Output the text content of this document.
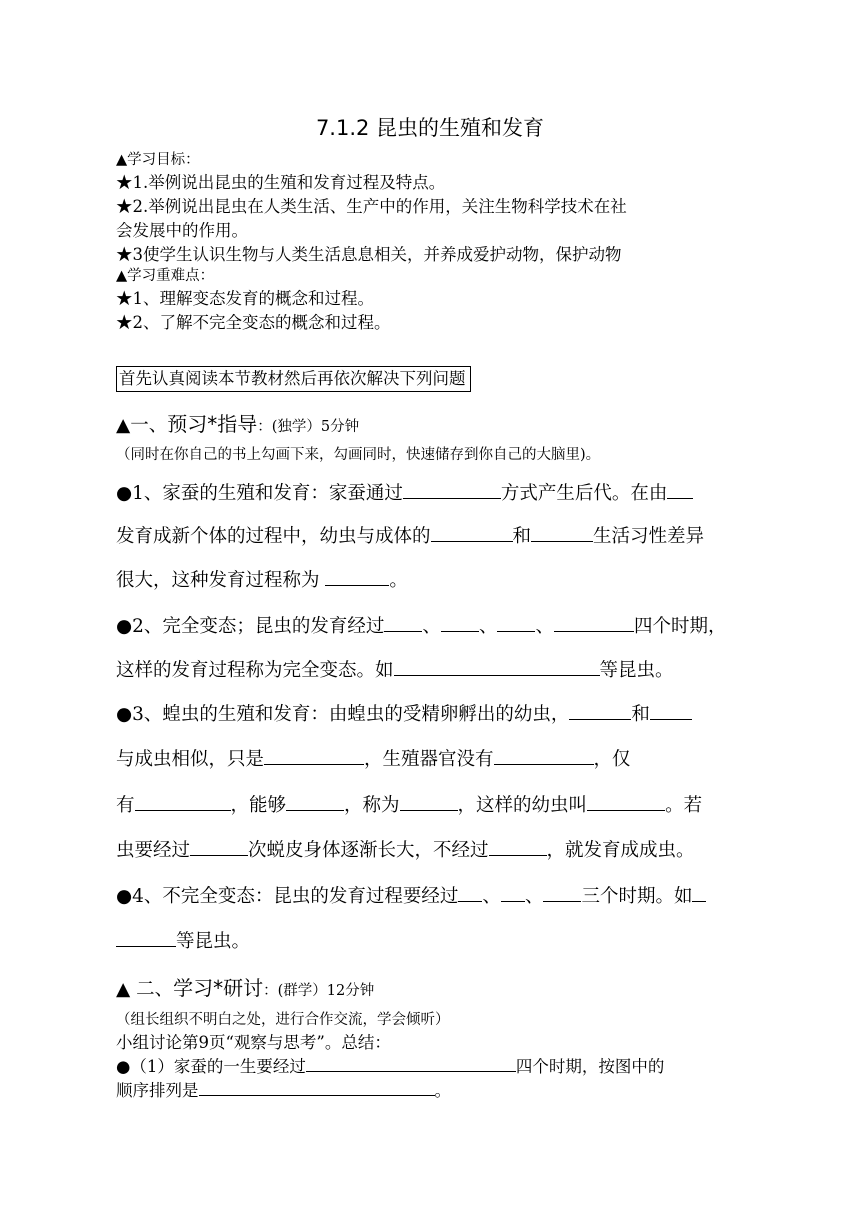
7.1.2 昆虫的生殖和发育
▲学习目标：
★1.举例说出昆虫的生殖和发育过程及特点。
★2.举例说出昆虫在人类生活、生产中的作用，关注生物科学技术在社
会发展中的作用。
★3使学生认识生物与人类生活息息相关，并养成爱护动物，保护动物
▲学习重难点：
★1、理解变态发育的概念和过程。
★2、了解不完全变态的概念和过程。
首先认真阅读本节教材然后再依次解决下列问题
▲一、预习*指导：(独学）5分钟
（同时在你自己的书上勾画下来，勾画同时，快速储存到你自己的大脑里)。
●1、家蚕的生殖和发育：家蚕通过	方式产生后代。在由
发育成新个体的过程中，幼虫与成体的	和	生活习性差异
很大，这种发育过程称为	。
●2、完全变态；昆虫的发育经过 、 、 、	四个时期，
这样的发育过程称为完全变态。如	等昆虫。
●3、蝗虫的生殖和发育：由蝗虫的受精卵孵出的幼虫，	和
与成虫相似，只是	，生殖器官没有	，仅
有	，能够	，称为	，这样的幼虫叫	。若
虫要经过	次蜕皮身体逐渐长大，不经过	，就发育成成虫。
●4、不完全变态：昆虫的发育过程要经过 、 、 三个时期。如
等昆虫。
▲ 二、学习*研讨：(群学）12分钟
（组长组织不明白之处，进行合作交流，学会倾听）
小组讨论第9页“观察与思考”。总结：
●（1）家蚕的一生要经过	四个时期，按图中的
顺序排列是	。
